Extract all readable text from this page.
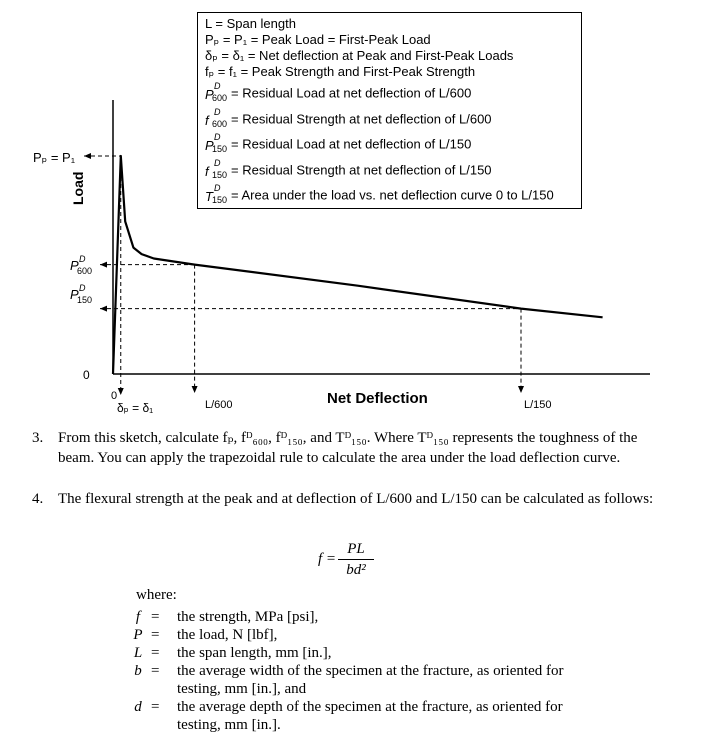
L = Span length
Pₚ = P₁ = Peak Load = First-Peak Load
δₚ = δ₁ = Net deflection at Peak and First-Peak Loads
fₚ = f₁ = Peak Strength and First-Peak Strength
P
D
600 = Residual Load at net deflection of L/600
f
D
600 = Residual Strength at net deflection of L/600
P
D
150 = Residual Load at net deflection of L/150
f
D
150 = Residual Strength at net deflection of L/150
T
D
150 = Area under the load vs. net deflection curve 0 to L/150
Pₚ = P₁
P D
600
P D
150
0
Load
0
δₚ = δ₁	L/600	L/150
Net Deflection
3. From this sketch, calculate fₚ, fᴰ₆₀₀, fᴰ₁₅₀, and Tᴰ₁₅₀. Where Tᴰ₁₅₀ represents the toughness of the beam. You can apply the trapezoidal rule to calculate the area under the load deflection curve.
4. The flexural strength at the peak and at deflection of L/600 and L/150 can be calculated as follows:
f =
PL
bd²
where:
f = the strength, MPa [psi],
P = the load, N [lbf],
L = the span length, mm [in.],
b = the average width of the specimen at the fracture, as oriented for testing, mm [in.], and
d = the average depth of the specimen at the fracture, as oriented for testing, mm [in.].
